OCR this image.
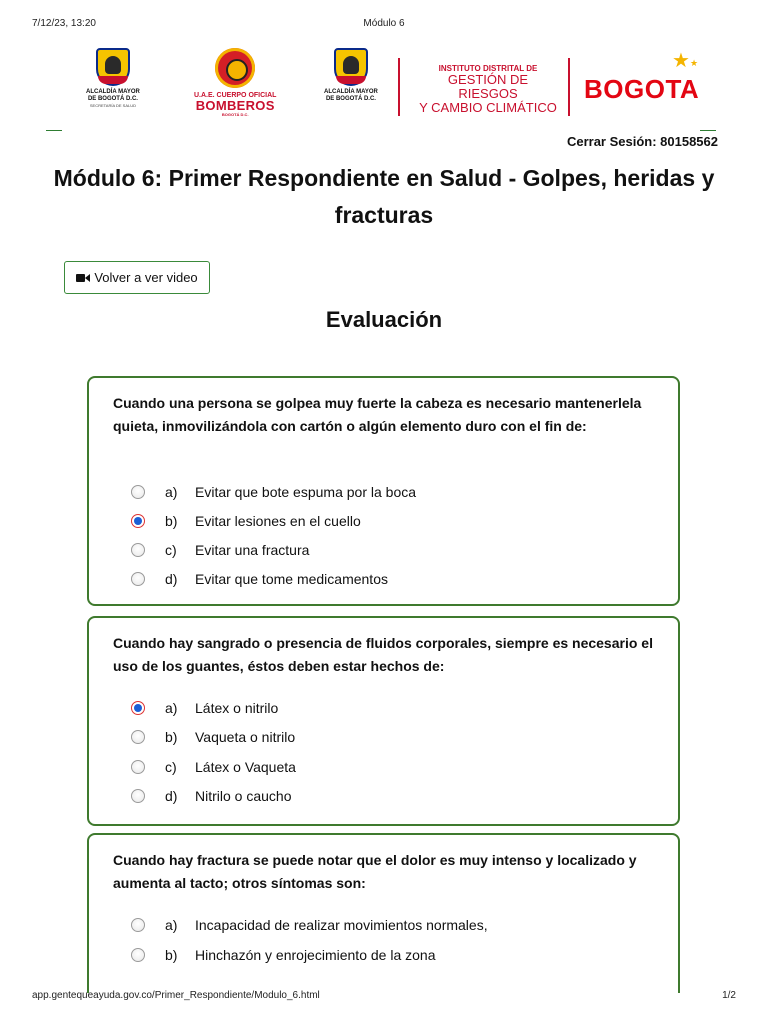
7/12/23, 13:20	Módulo 6
ALCALDÍA MAYOR
DE BOGOTÁ D.C.
SECRETARÍA DE SALUD
U.A.E. CUERPO OFICIAL
BOMBEROS
BOGOTÁ D.C.
ALCALDÍA MAYOR
DE BOGOTÁ D.C.
INSTITUTO DISTRITAL DE
GESTIÓN DE RIESGOS
Y CAMBIO CLIMÁTICO
BOGOTA
★ ★
Cerrar Sesión: 80158562
Módulo 6: Primer Respondiente en Salud - Golpes, heridas y fracturas
Volver a ver video
Evaluación
Cuando una persona se golpea muy fuerte la cabeza es necesario mantenerlela quieta, inmovilizándola con cartón o algún elemento duro con el fin de:
a)	Evitar que bote espuma por la boca
b)	Evitar lesiones en el cuello
c)	Evitar una fractura
d)	Evitar que tome medicamentos
Cuando hay sangrado o presencia de fluidos corporales, siempre es necesario el uso de los guantes, éstos deben estar hechos de:
a)	Látex o nitrilo
b)	Vaqueta o nitrilo
c)	Látex o Vaqueta
d)	Nitrilo o caucho
Cuando hay fractura se puede notar que el dolor es muy intenso y localizado y aumenta al tacto; otros síntomas son:
a)	Incapacidad de realizar movimientos normales,
b)	Hinchazón y enrojecimiento de la zona
app.gentequeayuda.gov.co/Primer_Respondiente/Modulo_6.html	1/2
